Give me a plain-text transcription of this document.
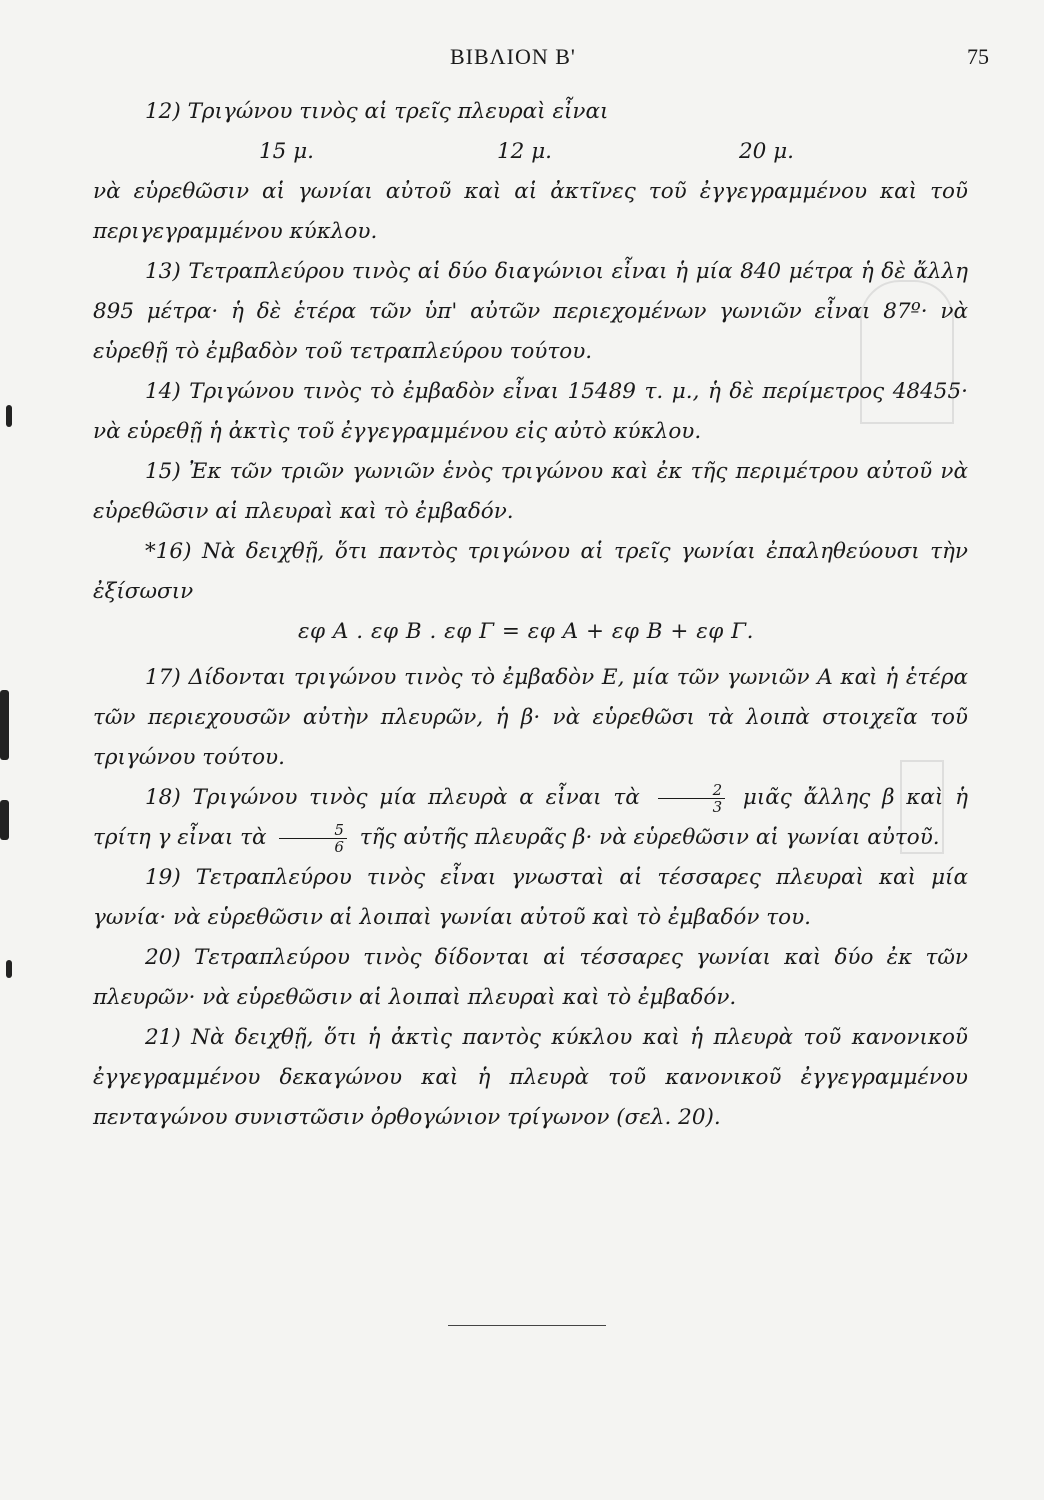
ΒΙΒΛΙΟΝ Β'	75

12) Τριγώνου τινὸς αἱ τρεῖς πλευραὶ εἶναι

15 μ.	12 μ.	20 μ.

νὰ εὑρεθῶσιν αἱ γωνίαι αὐτοῦ καὶ αἱ ἀκτῖνες τοῦ ἐγγεγραμμένου καὶ τοῦ περιγεγραμμένου κύκλου.

13) Τετραπλεύρου τινὸς αἱ δύο διαγώνιοι εἶναι ἡ μία 840 μέτρα ἡ δὲ ἄλλη 895 μέτρα· ἡ δὲ ἑτέρα τῶν ὑπ' αὐτῶν περιεχομένων γωνιῶν εἶναι 87º· νὰ εὑρεθῇ τὸ ἐμβαδὸν τοῦ τετραπλεύρου τούτου.

14) Τριγώνου τινὸς τὸ ἐμβαδὸν εἶναι 15489 τ. μ., ἡ δὲ περίμετρος 48455· νὰ εὑρεθῇ ἡ ἀκτὶς τοῦ ἐγγεγραμμένου εἰς αὐτὸ κύκλου.

15) Ἐκ τῶν τριῶν γωνιῶν ἑνὸς τριγώνου καὶ ἐκ τῆς περιμέτρου αὐτοῦ νὰ εὑρεθῶσιν αἱ πλευραὶ καὶ τὸ ἐμβαδόν.

*16) Νὰ δειχθῇ, ὅτι παντὸς τριγώνου αἱ τρεῖς γωνίαι ἐπαληθεύουσι τὴν ἐξίσωσιν

εφ Α . εφ Β . εφ Γ = εφ Α + εφ Β + εφ Γ.

17) Δίδονται τριγώνου τινὸς τὸ ἐμβαδὸν Ε, μία τῶν γωνιῶν Α καὶ ἡ ἑτέρα τῶν περιεχουσῶν αὐτὴν πλευρῶν, ἡ β· νὰ εὑρεθῶσι τὰ λοιπὰ στοιχεῖα τοῦ τριγώνου τούτου.

18) Τριγώνου τινὸς μία πλευρὰ α εἶναι τὰ $\frac{2}{3}$ μιᾶς ἄλλης β καὶ ἡ τρίτη γ εἶναι τὰ $\frac{5}{6}$ τῆς αὐτῆς πλευρᾶς β· νὰ εὑρεθῶσιν αἱ γωνίαι αὐτοῦ.

19) Τετραπλεύρου τινὸς εἶναι γνωσταὶ αἱ τέσσαρες πλευραὶ καὶ μία γωνία· νὰ εὑρεθῶσιν αἱ λοιπαὶ γωνίαι αὐτοῦ καὶ τὸ ἐμβαδόν του.

20) Τετραπλεύρου τινὸς δίδονται αἱ τέσσαρες γωνίαι καὶ δύο ἐκ τῶν πλευρῶν· νὰ εὑρεθῶσιν αἱ λοιπαὶ πλευραὶ καὶ τὸ ἐμβαδόν.

21) Νὰ δειχθῇ, ὅτι ἡ ἀκτὶς παντὸς κύκλου καὶ ἡ πλευρὰ τοῦ κανονικοῦ ἐγγεγραμμένου δεκαγώνου καὶ ἡ πλευρὰ τοῦ κανονικοῦ ἐγγεγραμμένου πενταγώνου συνιστῶσιν ὀρθογώνιον τρίγωνον (σελ. 20).
